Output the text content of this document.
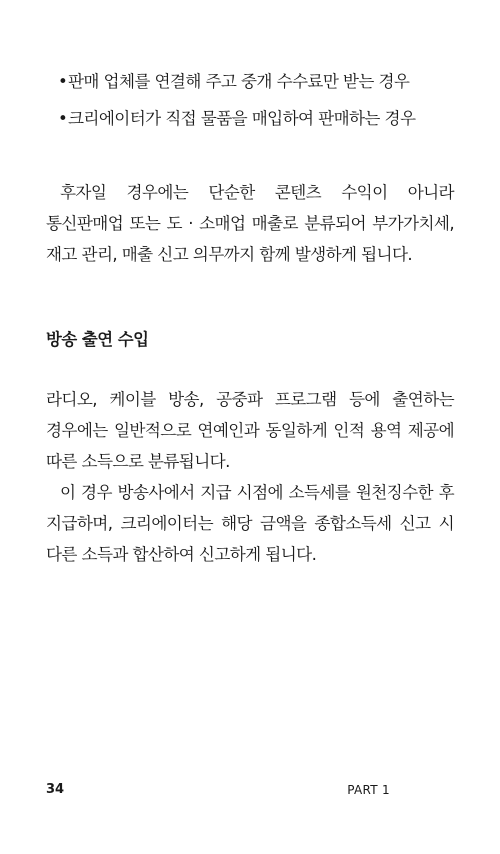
• 판매 업체를 연결해 주고 중개 수수료만 받는 경우
• 크리에이터가 직접 물품을 매입하여 판매하는 경우

후자일 경우에는 단순한 콘텐츠 수익이 아니라 통신판매업 또는 도 · 소매업 매출로 분류되어 부가가치세, 재고 관리, 매출 신고 의무까지 함께 발생하게 됩니다.

방송 출연 수입

라디오, 케이블 방송, 공중파 프로그램 등에 출연하는 경우에는 일반적으로 연예인과 동일하게 인적 용역 제공에 따른 소득으로 분류됩니다.

이 경우 방송사에서 지급 시점에 소득세를 원천징수한 후 지급하며, 크리에이터는 해당 금액을 종합소득세 신고 시 다른 소득과 합산하여 신고하게 됩니다.

34	PART 1
